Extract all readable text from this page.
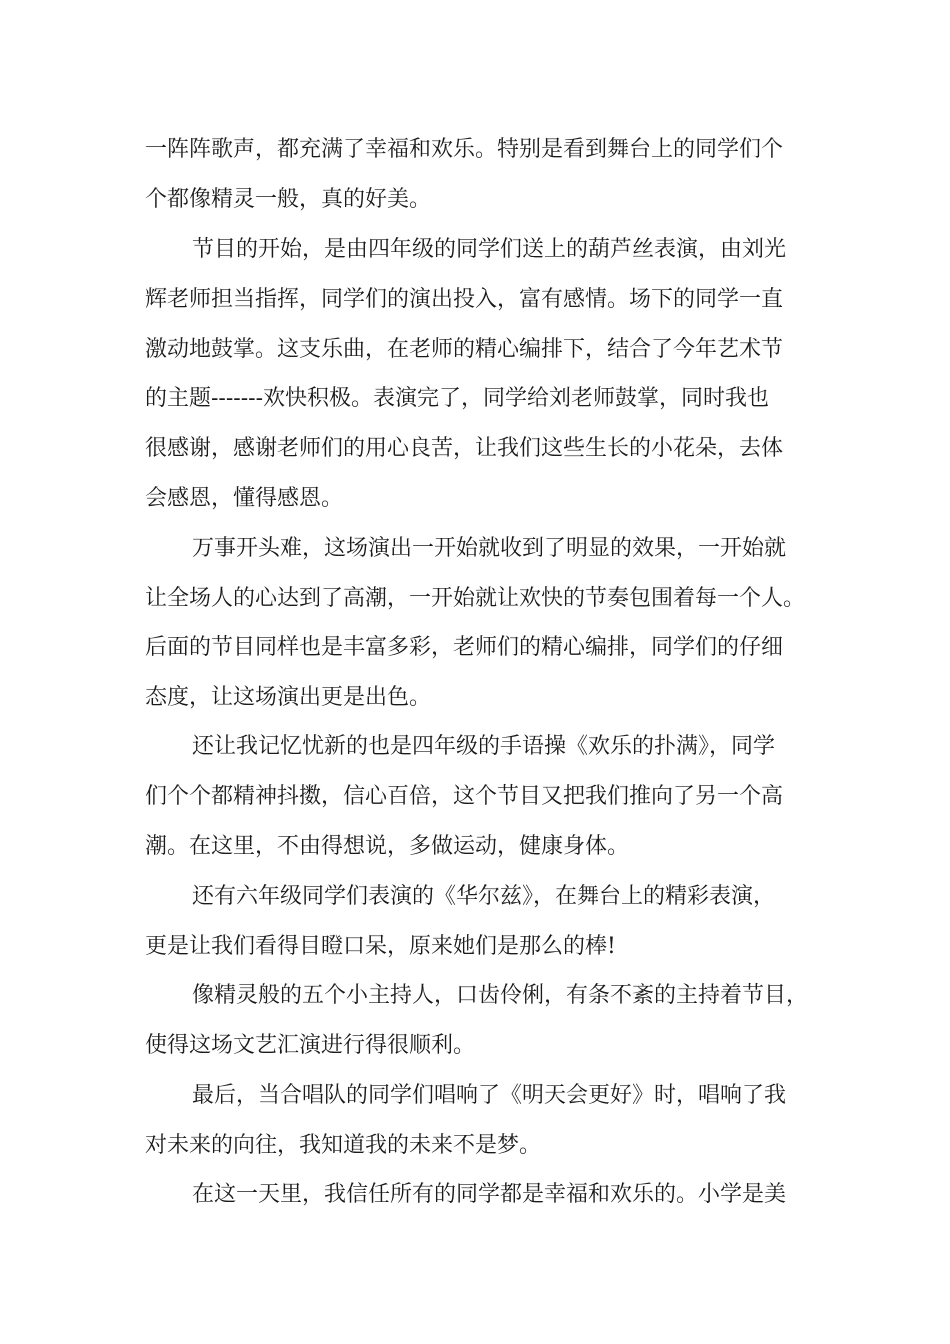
一阵阵歌声，都充满了幸福和欢乐。特别是看到舞台上的同学们个
个都像精灵一般，真的好美。
节目的开始，是由四年级的同学们送上的葫芦丝表演，由刘光
辉老师担当指挥，同学们的演出投入，富有感情。场下的同学一直
激动地鼓掌。这支乐曲，在老师的精心编排下，结合了今年艺术节
的主题-------欢快积极。表演完了，同学给刘老师鼓掌，同时我也
很感谢，感谢老师们的用心良苦，让我们这些生长的小花朵，去体
会感恩，懂得感恩。
万事开头难，这场演出一开始就收到了明显的效果，一开始就
让全场人的心达到了高潮，一开始就让欢快的节奏包围着每一个人。
后面的节目同样也是丰富多彩，老师们的精心编排，同学们的仔细
态度，让这场演出更是出色。
还让我记忆忧新的也是四年级的手语操《欢乐的扑满》，同学
们个个都精神抖擞，信心百倍，这个节目又把我们推向了另一个高
潮。在这里，不由得想说，多做运动，健康身体。
还有六年级同学们表演的《华尔兹》，在舞台上的精彩表演，
更是让我们看得目瞪口呆，原来她们是那么的棒!
像精灵般的五个小主持人，口齿伶俐，有条不紊的主持着节目，
使得这场文艺汇演进行得很顺利。
最后，当合唱队的同学们唱响了《明天会更好》时，唱响了我
对未来的向往，我知道我的未来不是梦。
在这一天里，我信任所有的同学都是幸福和欢乐的。小学是美
